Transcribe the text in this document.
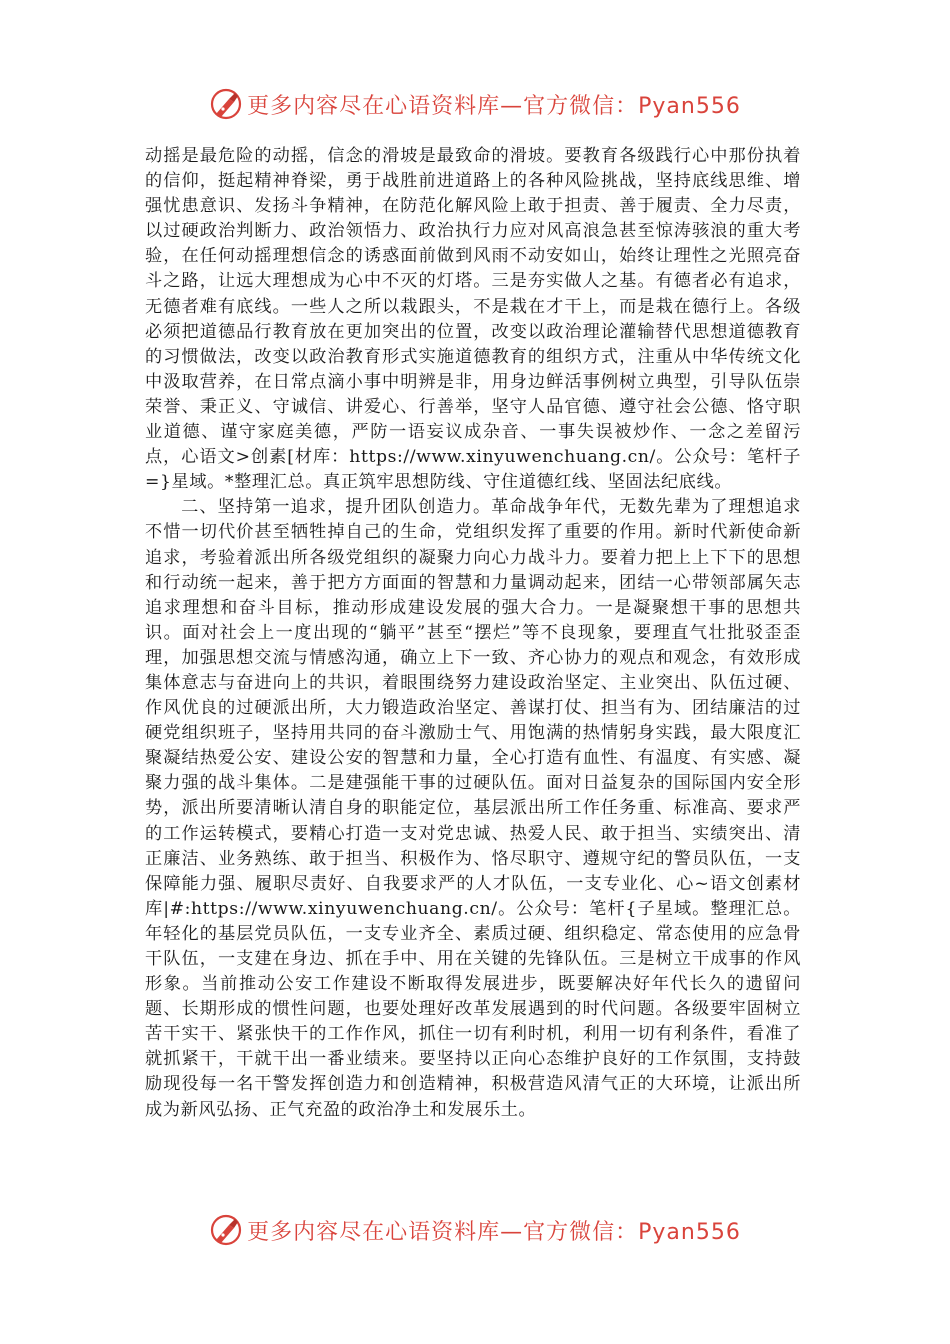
更多内容尽在心语资料库—官方微信：Pyan556

动摇是最危险的动摇，信念的滑坡是最致命的滑坡。要教育各级践行心中那份执着的信仰，挺起精神脊梁，勇于战胜前进道路上的各种风险挑战，坚持底线思维、增强忧患意识、发扬斗争精神，在防范化解风险上敢于担责、善于履责、全力尽责，以过硬政治判断力、政治领悟力、政治执行力应对风高浪急甚至惊涛骇浪的重大考验，在任何动摇理想信念的诱惑面前做到风雨不动安如山，始终让理性之光照亮奋斗之路，让远大理想成为心中不灭的灯塔。三是夯实做人之基。有德者必有追求，无德者难有底线。一些人之所以栽跟头，不是栽在才干上，而是栽在德行上。各级必须把道德品行教育放在更加突出的位置，改变以政治理论灌输替代思想道德教育的习惯做法，改变以政治教育形式实施道德教育的组织方式，注重从中华传统文化中汲取营养，在日常点滴小事中明辨是非，用身边鲜活事例树立典型，引导队伍崇荣誉、秉正义、守诚信、讲爱心、行善举，坚守人品官德、遵守社会公德、恪守职业道德、谨守家庭美德，严防一语妄议成杂音、一事失误被炒作、一念之差留污点，心语文>创素[材库：https://www.xinyuwenchuang.cn/。公众号：笔杆子=}星域。*整理汇总。真正筑牢思想防线、守住道德红线、坚固法纪底线。

二、坚持第一追求，提升团队创造力。革命战争年代，无数先辈为了理想追求不惜一切代价甚至牺牲掉自己的生命，党组织发挥了重要的作用。新时代新使命新追求，考验着派出所各级党组织的凝聚力向心力战斗力。要着力把上上下下的思想和行动统一起来，善于把方方面面的智慧和力量调动起来，团结一心带领部属矢志追求理想和奋斗目标，推动形成建设发展的强大合力。一是凝聚想干事的思想共识。面对社会上一度出现的“躺平”甚至“摆烂”等不良现象，要理直气壮批驳歪歪理，加强思想交流与情感沟通，确立上下一致、齐心协力的观点和观念，有效形成集体意志与奋进向上的共识，着眼围绕努力建设政治坚定、主业突出、队伍过硬、作风优良的过硬派出所，大力锻造政治坚定、善谋打仗、担当有为、团结廉洁的过硬党组织班子，坚持用共同的奋斗激励士气、用饱满的热情躬身实践，最大限度汇聚凝结热爱公安、建设公安的智慧和力量，全心打造有血性、有温度、有实感、凝聚力强的战斗集体。二是建强能干事的过硬队伍。面对日益复杂的国际国内安全形势，派出所要清晰认清自身的职能定位，基层派出所工作任务重、标准高、要求严的工作运转模式，要精心打造一支对党忠诚、热爱人民、敢于担当、实绩突出、清正廉洁、业务熟练、敢于担当、积极作为、恪尽职守、遵规守纪的警员队伍，一支保障能力强、履职尽责好、自我要求严的人才队伍，一支专业化、心~语文创素材库|#:https://www.xinyuwenchuang.cn/。公众号：笔杆{子星域。整理汇总。年轻化的基层党员队伍，一支专业齐全、素质过硬、组织稳定、常态使用的应急骨干队伍，一支建在身边、抓在手中、用在关键的先锋队伍。三是树立干成事的作风形象。当前推动公安工作建设不断取得发展进步，既要解决好年代长久的遗留问题、长期形成的惯性问题，也要处理好改革发展遇到的时代问题。各级要牢固树立苦干实干、紧张快干的工作作风，抓住一切有利时机，利用一切有利条件，看准了就抓紧干，干就干出一番业绩来。要坚持以正向心态维护良好的工作氛围，支持鼓励现役每一名干警发挥创造力和创造精神，积极营造风清气正的大环境，让派出所成为新风弘扬、正气充盈的政治净土和发展乐土。

更多内容尽在心语资料库—官方微信：Pyan556
